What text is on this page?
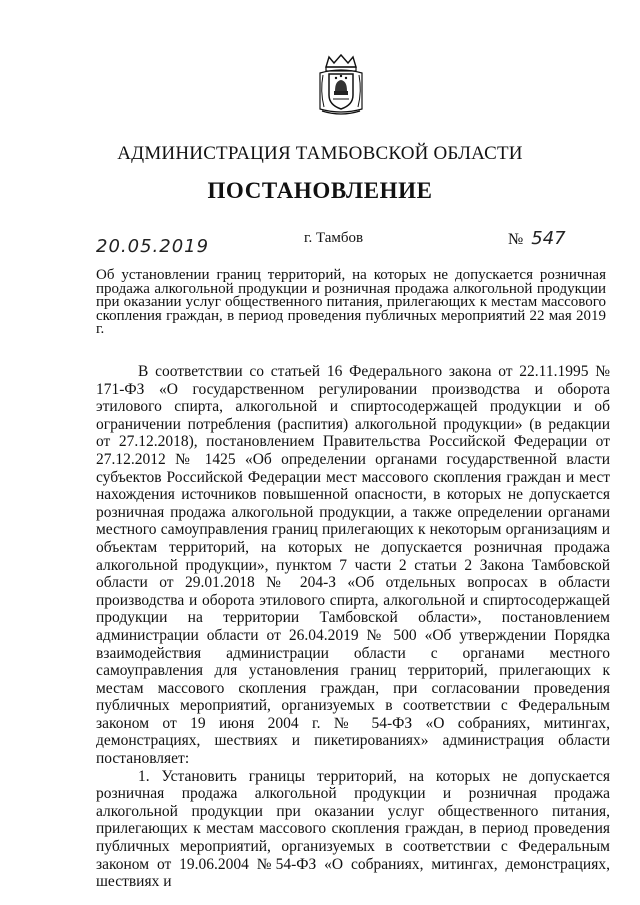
АДМИНИСТРАЦИЯ ТАМБОВСКОЙ ОБЛАСТИ
ПОСТАНОВЛЕНИЕ
20.05.2019	г. Тамбов	№ 547
Об установлении границ территорий, на которых не допускается розничная продажа алкогольной продукции и розничная продажа алкогольной продукции при оказании услуг общественного питания, прилегающих к местам массового скопления граждан, в период проведения публичных мероприятий 22 мая 2019 г.

В соответствии со статьей 16 Федерального закона от 22.11.1995 № 171-ФЗ «О государственном регулировании производства и оборота этилового спирта, алкогольной и спиртосодержащей продукции и об ограничении потребления (распития) алкогольной продукции» (в редакции от 27.12.2018), постановлением Правительства Российской Федерации от 27.12.2012 № 1425 «Об определении органами государственной власти субъектов Российской Федерации мест массового скопления граждан и мест нахождения источников повышенной опасности, в которых не допускается розничная продажа алкогольной продукции, а также определении органами местного самоуправления границ прилегающих к некоторым организациям и объектам территорий, на которых не допускается розничная продажа алкогольной продукции», пунктом 7 части 2 статьи 2 Закона Тамбовской области от 29.01.2018 № 204-З «Об отдельных вопросах в области производства и оборота этилового спирта, алкогольной и спиртосодержащей продукции на территории Тамбовской области», постановлением администрации области от 26.04.2019 № 500 «Об утверждении Порядка взаимодействия администрации области с органами местного самоуправления для установления границ территорий, прилегающих к местам массового скопления граждан, при согласовании проведения публичных мероприятий, организуемых в соответствии с Федеральным законом от 19 июня 2004 г. № 54-ФЗ «О собраниях, митингах, демонстрациях, шествиях и пикетированиях» администрация области постановляет:

1. Установить границы территорий, на которых не допускается розничная продажа алкогольной продукции и розничная продажа алкогольной продукции при оказании услуг общественного питания, прилегающих к местам массового скопления граждан, в период проведения публичных мероприятий, организуемых в соответствии с Федеральным законом от 19.06.2004 №54-ФЗ «О собраниях, митингах, демонстрациях, шествиях и
